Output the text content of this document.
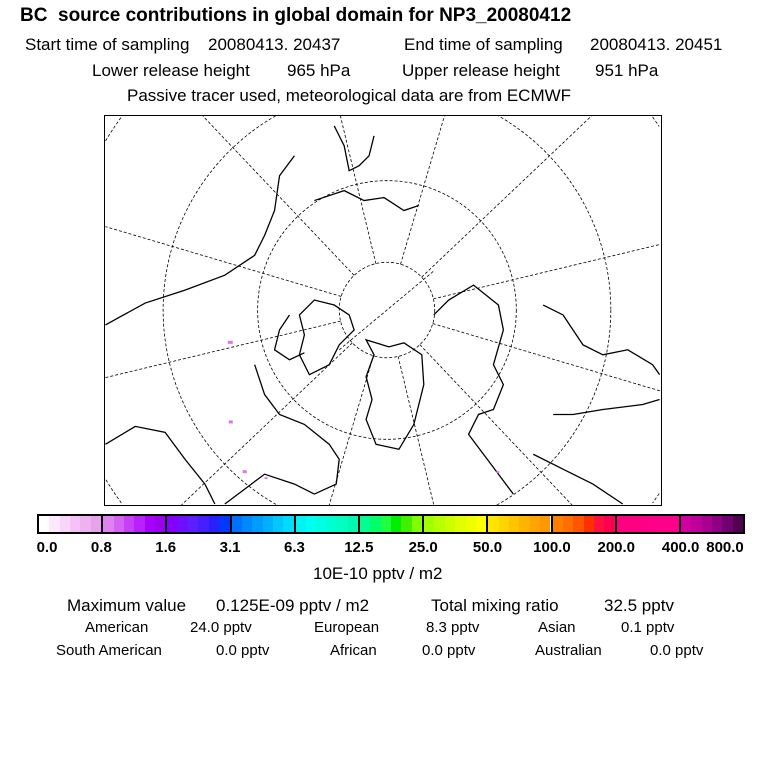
BC  source contributions in global domain for NP3_20080412
Start time of sampling 20080413. 20437	End time of sampling 20080413. 20451
Lower release height 965 hPa	Upper release height 951 hPa
Passive tracer used, meteorological data are from ECMWF
0.0 0.8	1.6	3.1	6.3	12.5 25.0 50.0 100.0 200.0 400.0 800.0
10E-10 pptv / m2
Maximum value 0.125E-09 pptv / m2	Total mixing ratio	32.5 pptv
American	24.0 pptv	European	8.3 pptv	Asian	0.1 pptv
South American	0.0 pptv	African	0.0 pptv	Australian	0.0 pptv
